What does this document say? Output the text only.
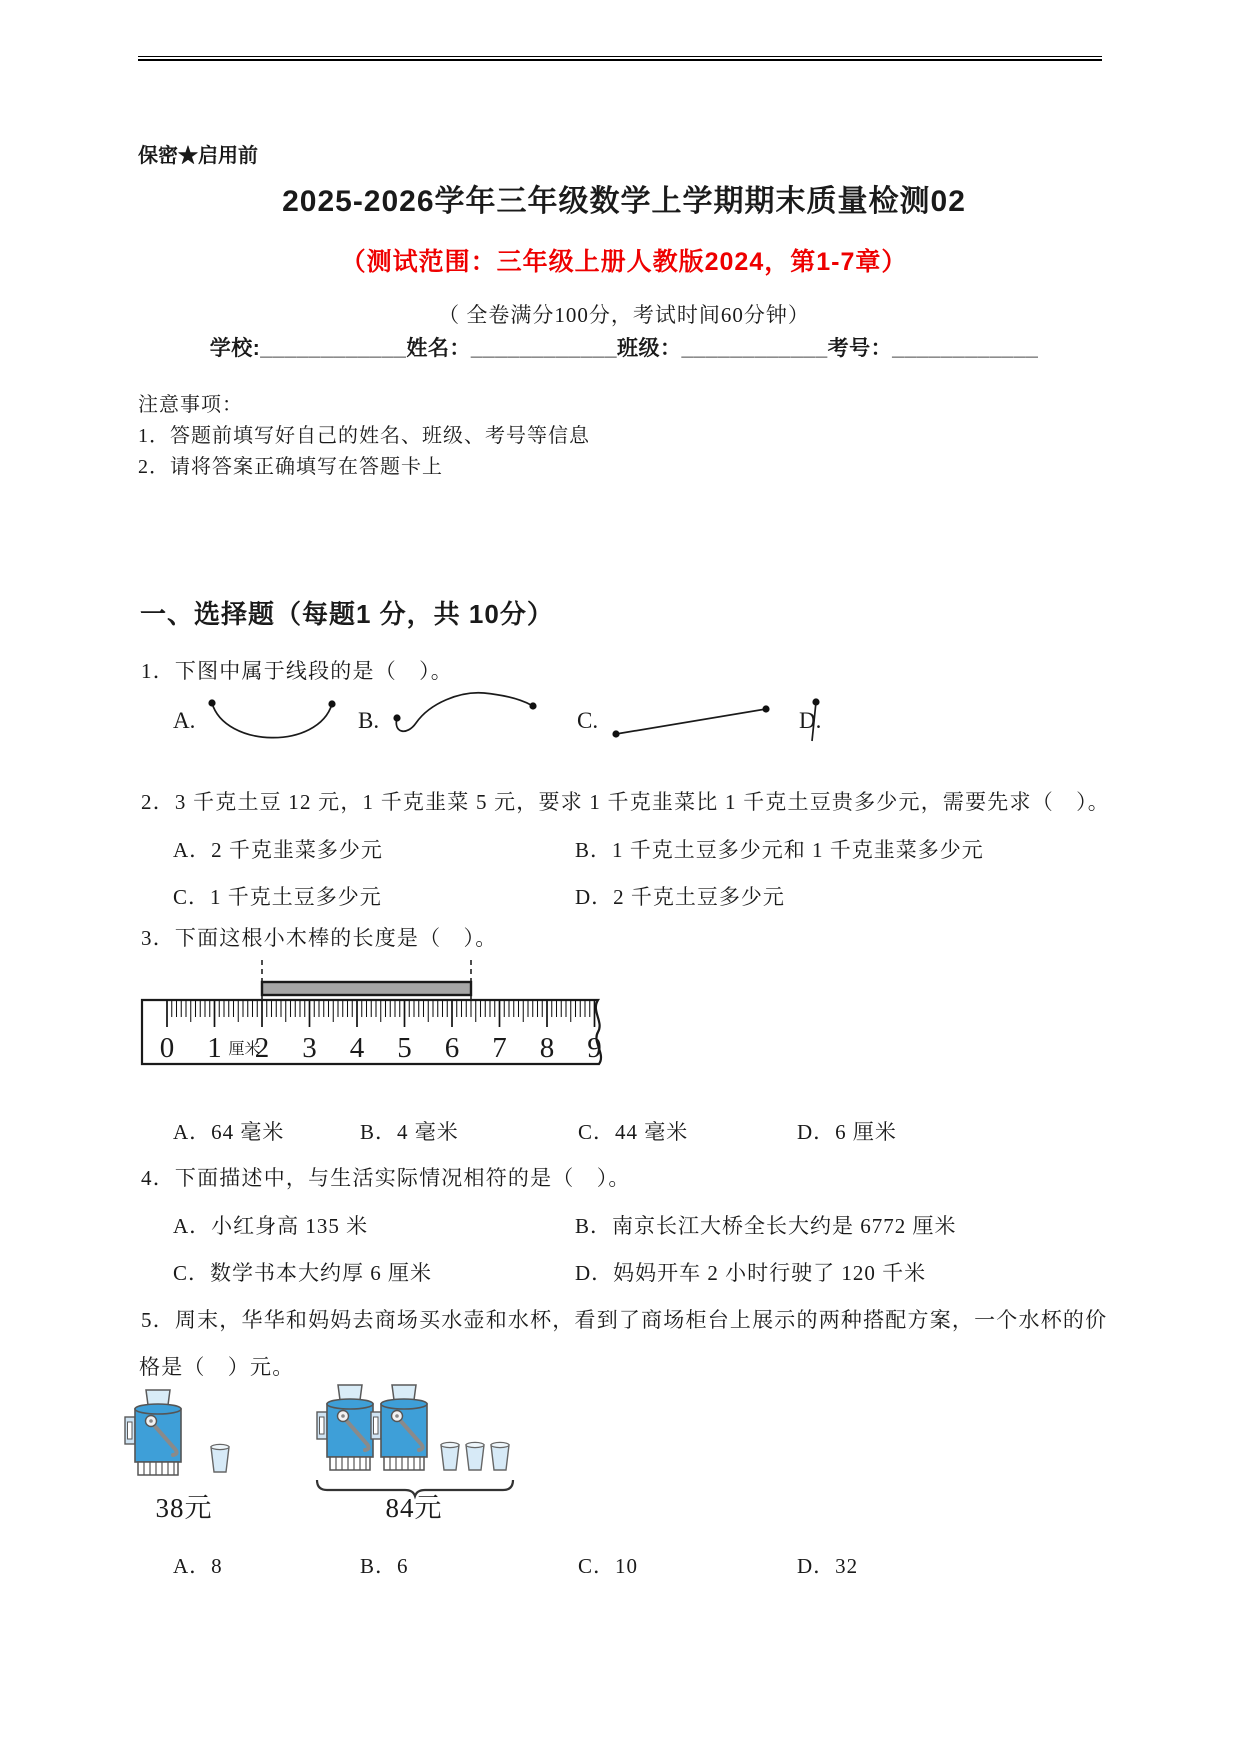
保密★启用前
2025-2026学年三年级数学上学期期末质量检测02
（测试范围：三年级上册人教版2024，第1-7章）
（ 全卷满分100分，考试时间60分钟）
学校:____________姓名：____________班级：____________考号：____________
注意事项：
1．答题前填写好自己的姓名、班级、考号等信息
2．请将答案正确填写在答题卡上
一、选择题（每题1 分，共 10分）
1．下图中属于线段的是（　）。
A.	B.	C.	D.
2．3 千克土豆 12 元，1 千克韭菜 5 元，要求 1 千克韭菜比 1 千克土豆贵多少元，需要先求（　）。
A．2 千克韭菜多少元	B．1 千克土豆多少元和 1 千克韭菜多少元
C．1 千克土豆多少元	D．2 千克土豆多少元
3．下面这根小木棒的长度是（　）。
0 1 2 3 4 5 6 7 8 9
厘米
A．64 毫米	B．4 毫米	C．44 毫米	D．6 厘米
4．下面描述中，与生活实际情况相符的是（　）。
A．小红身高 135 米	B．南京长江大桥全长大约是 6772 厘米
C．数学书本大约厚 6 厘米	D．妈妈开车 2 小时行驶了 120 千米
5．周末，华华和妈妈去商场买水壶和水杯，看到了商场柜台上展示的两种搭配方案，一个水杯的价
格是（　）元。
38元	84元
A．8	B．6	C．10	D．32
